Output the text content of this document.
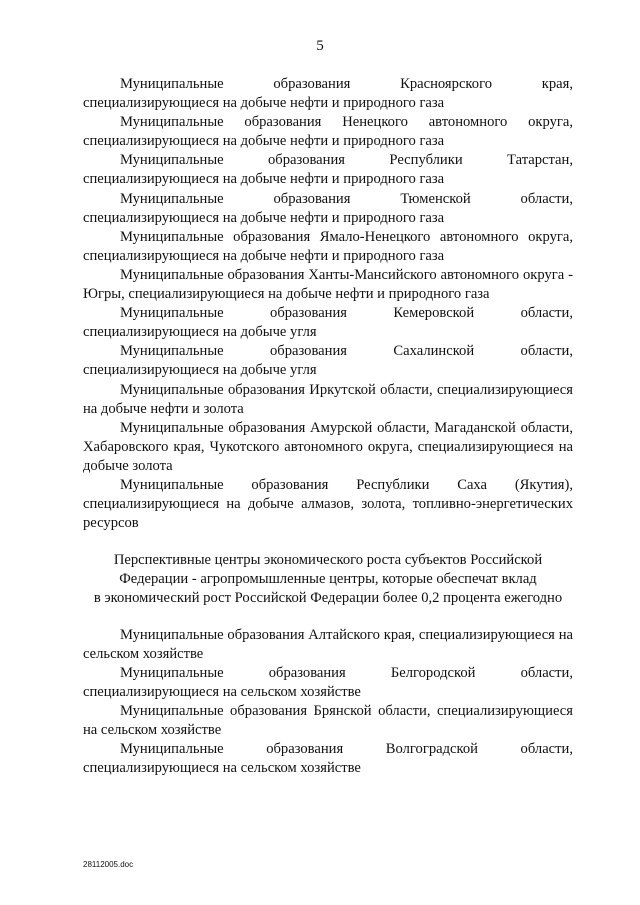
5

Муниципальные образования Красноярского края, специализирующиеся на добыче нефти и природного газа

Муниципальные образования Ненецкого автономного округа, специализирующиеся на добыче нефти и природного газа

Муниципальные образования Республики Татарстан, специализирующиеся на добыче нефти и природного газа

Муниципальные образования Тюменской области, специализирующиеся на добыче нефти и природного газа

Муниципальные образования Ямало-Ненецкого автономного округа, специализирующиеся на добыче нефти и природного газа

Муниципальные образования Ханты-Мансийского автономного округа - Югры, специализирующиеся на добыче нефти и природного газа

Муниципальные образования Кемеровской области, специализирующиеся на добыче угля

Муниципальные образования Сахалинской области, специализирующиеся на добыче угля

Муниципальные образования Иркутской области, специализирующиеся на добыче нефти и золота

Муниципальные образования Амурской области, Магаданской области, Хабаровского края, Чукотского автономного округа, специализирующиеся на добыче золота

Муниципальные образования Республики Саха (Якутия), специализирующиеся на добыче алмазов, золота, топливно-энергетических ресурсов

Перспективные центры экономического роста субъектов Российской
Федерации - агропромышленные центры, которые обеспечат вклад
в экономический рост Российской Федерации более 0,2 процента ежегодно

Муниципальные образования Алтайского края, специализирующиеся на сельском хозяйстве

Муниципальные образования Белгородской области, специализирующиеся на сельском хозяйстве

Муниципальные образования Брянской области, специализирующиеся на сельском хозяйстве

Муниципальные образования Волгоградской области, специализирующиеся на сельском хозяйстве

28112005.doc
